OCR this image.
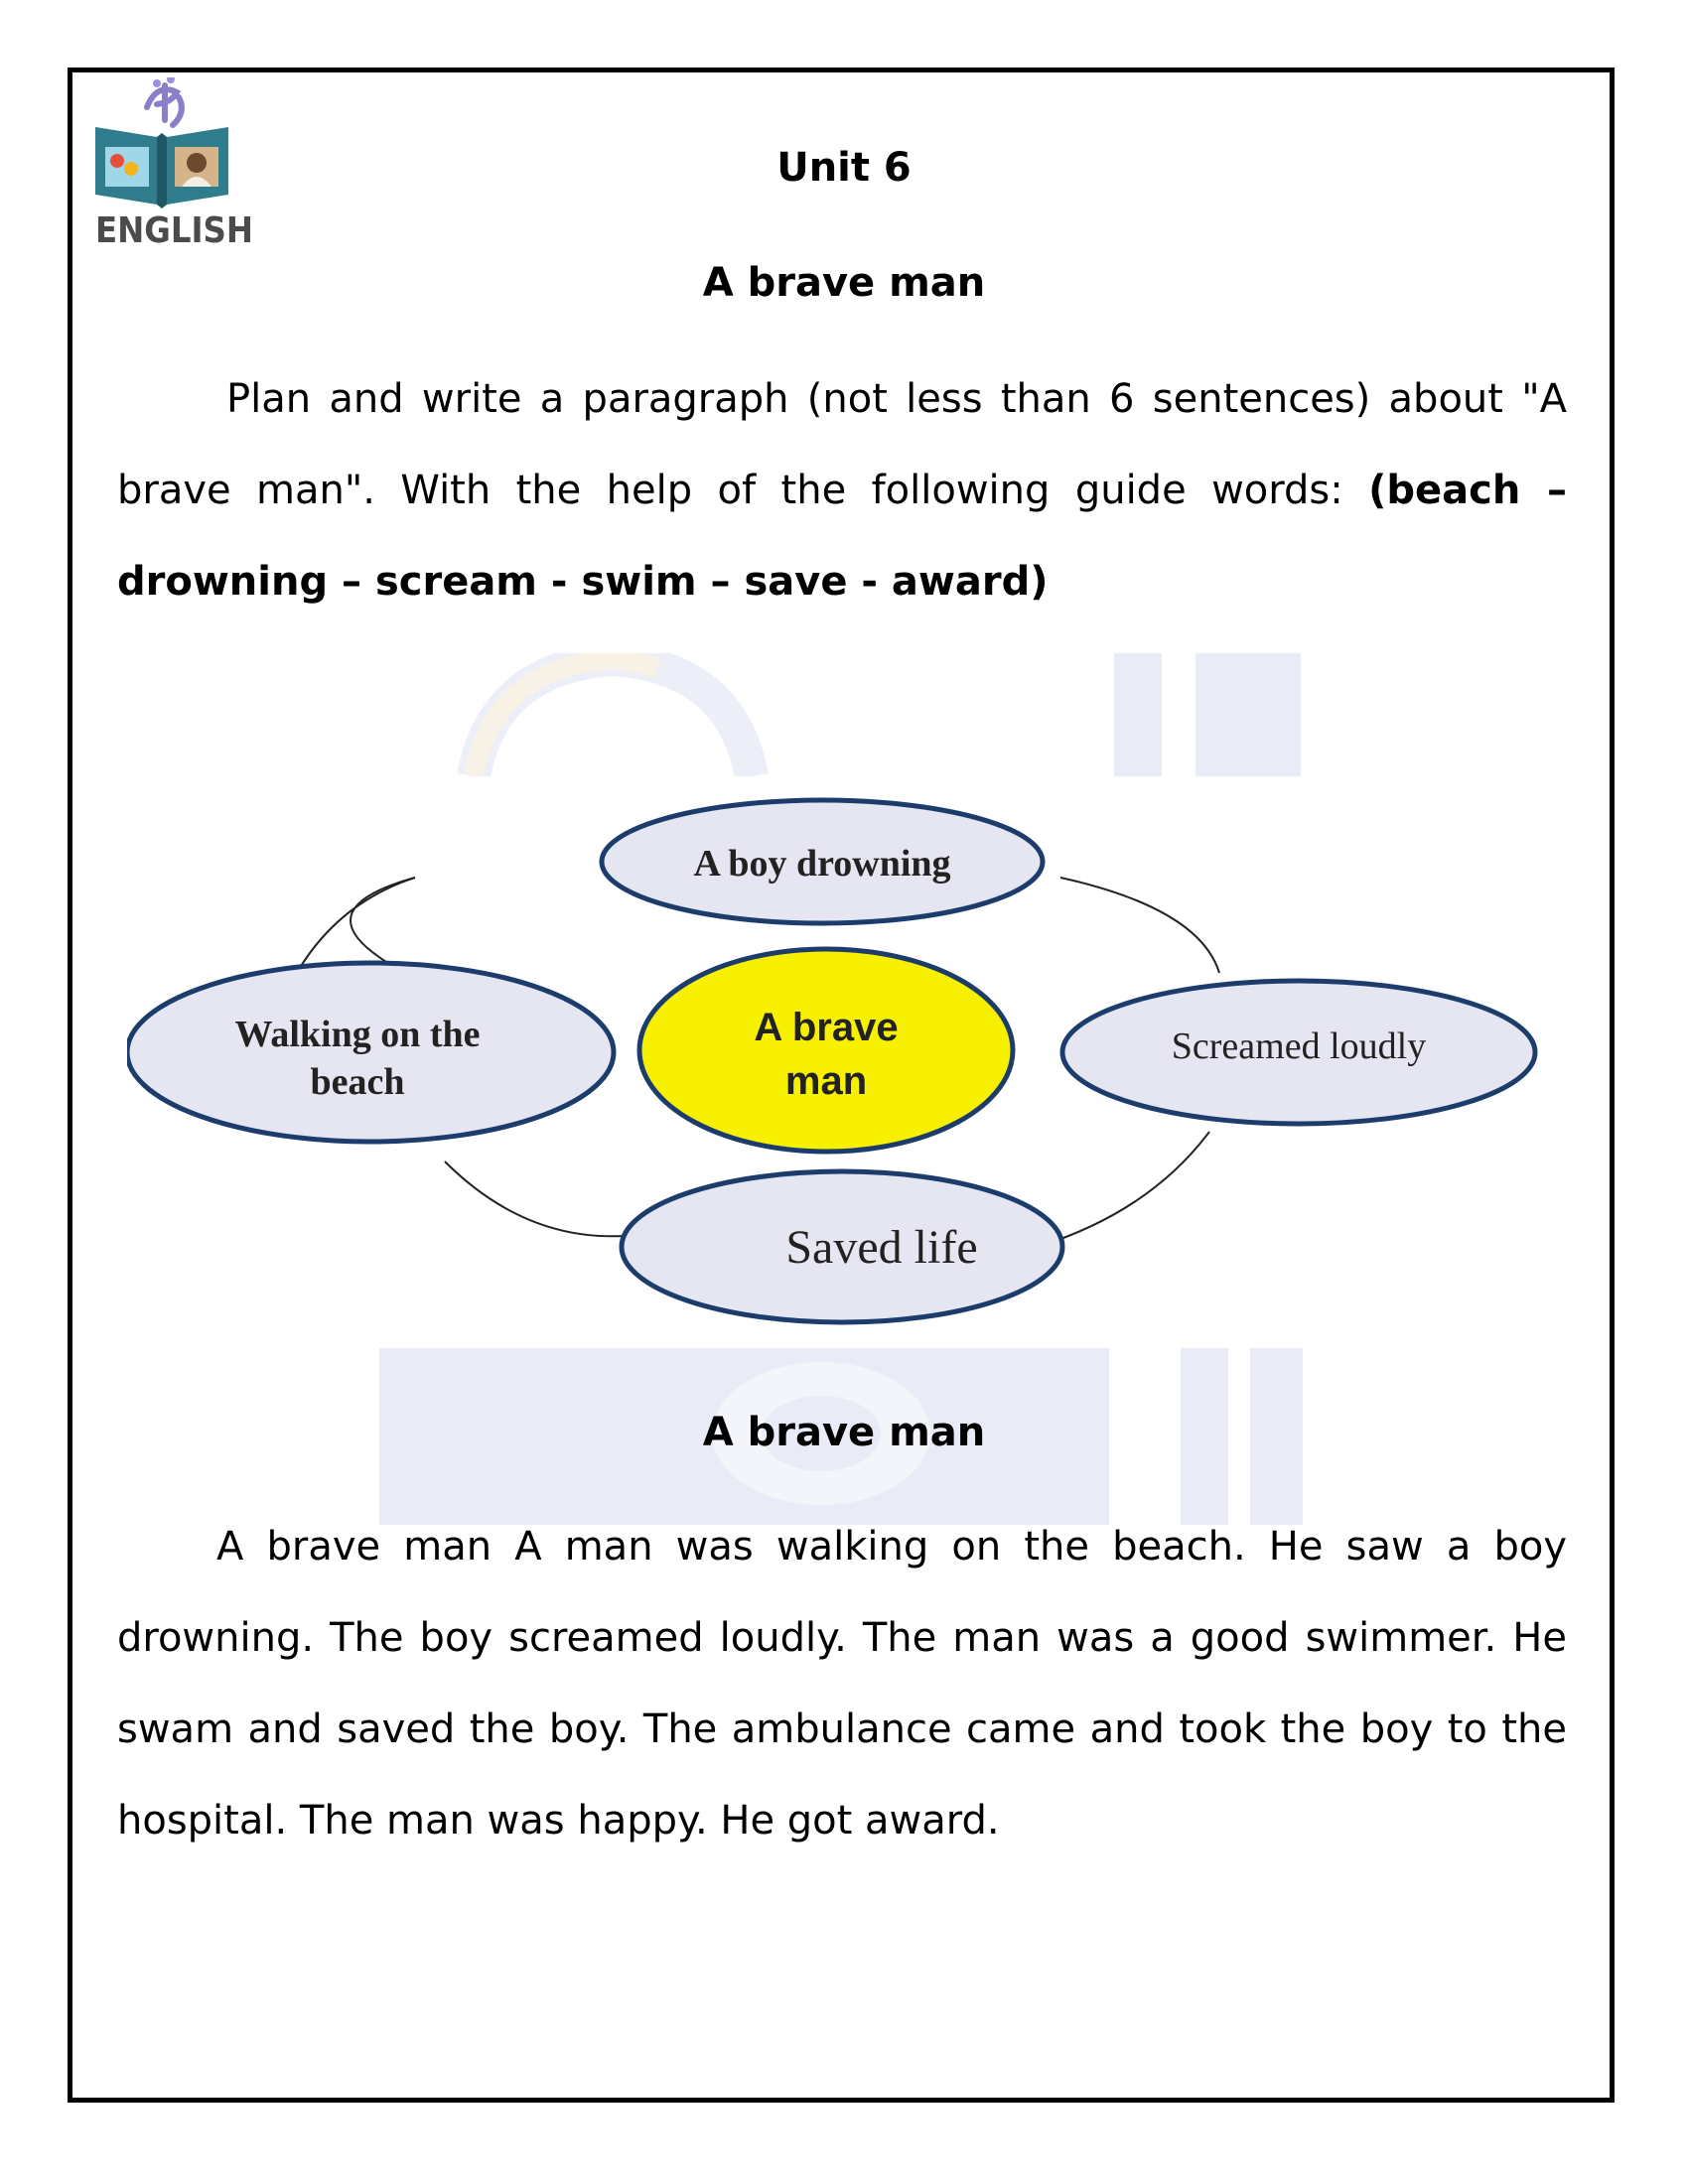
ENGLISH
Unit 6
A brave man
Plan and write a paragraph (not less than 6 sentences) about "A brave man". With the help of the following guide words: (beach – drowning – scream - swim – save - award)
A boy drowning
Walking on the
beach
A brave
man
Screamed loudly
Saved life
A brave man
A brave man A man was walking on the beach. He saw a boy drowning. The boy screamed loudly. The man was a good swimmer. He swam and saved the boy. The ambulance came and took the boy to the hospital. The man was happy. He got award.
